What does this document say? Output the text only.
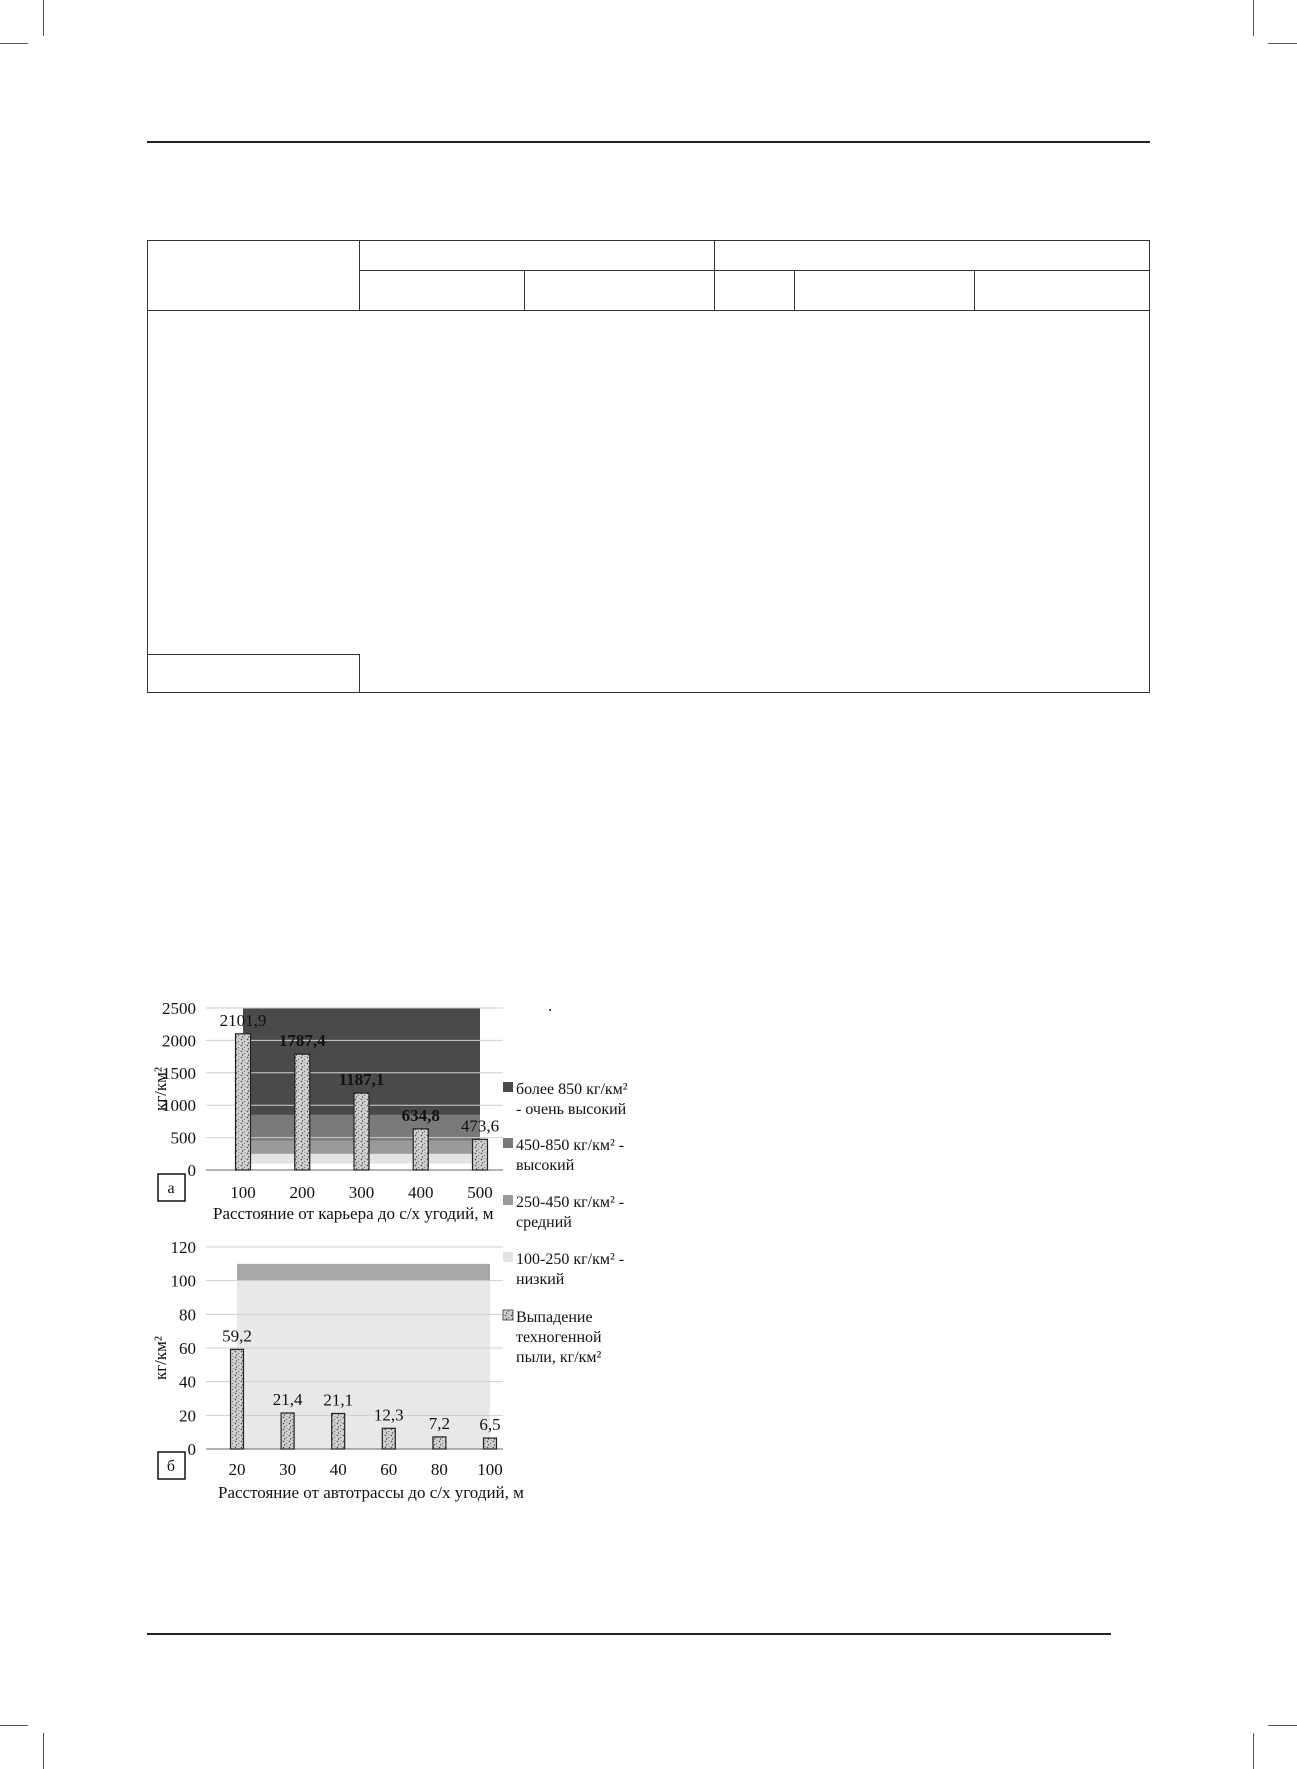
0
500
1000
1500
2000
2500
2101,9
100
1787,4
200
1187,1
300
634,8
400
473,6
500
кг/км²
Расстояние от карьера до с/х угодий, м
а
0
20
40
60
80
100
120
59,2
20
21,4
30
21,1
40
12,3
60
7,2
80
6,5
100
кг/км²
Расстояние от автотрассы до с/х угодий, м
б
более 850 кг/км²
- очень высокий
450-850 кг/км² -
высокий
250-450 кг/км² -
средний
100-250 кг/км² -
низкий
Выпадение
техногенной
пыли, кг/км²
.
